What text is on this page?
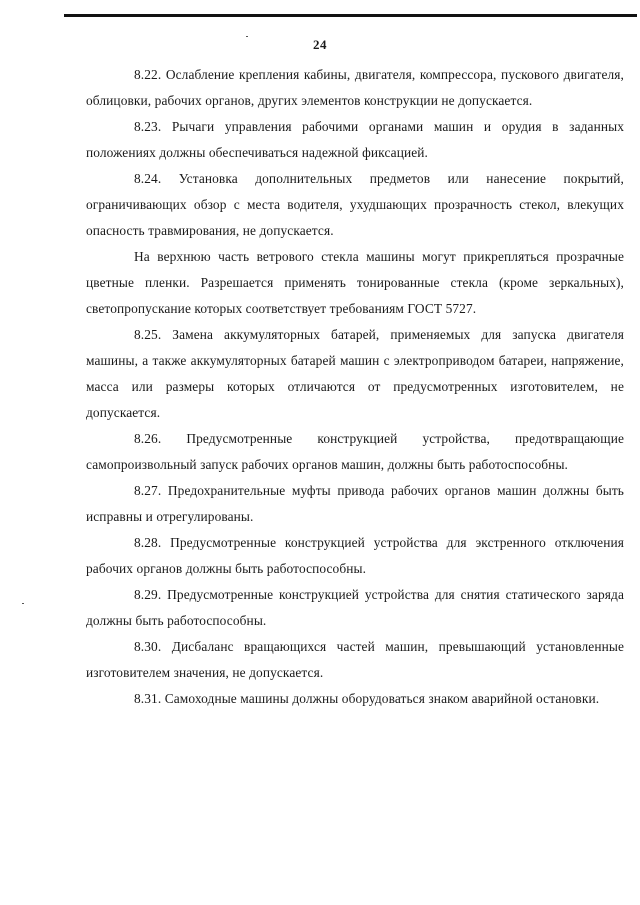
24

8.22. Ослабление крепления кабины, двигателя, компрессора, пускового двигателя, облицовки, рабочих органов, других элементов конструкции не допускается.

8.23. Рычаги управления рабочими органами машин и орудия в заданных положениях должны обеспечиваться надежной фиксацией.

8.24. Установка дополнительных предметов или нанесение покрытий, ограничивающих обзор с места водителя, ухудшающих прозрачность стекол, влекущих опасность травмирования, не допускается.

На верхнюю часть ветрового стекла машины могут прикрепляться прозрачные цветные пленки. Разрешается применять тонированные стекла (кроме зеркальных), светопропускание которых соответствует требованиям ГОСТ 5727.

8.25. Замена аккумуляторных батарей, применяемых для запуска двигателя машины, а также аккумуляторных батарей машин с электроприводом батареи, напряжение, масса или размеры которых отличаются от предусмотренных изготовителем, не допускается.

8.26. Предусмотренные конструкцией устройства, предотвращающие самопроизвольный запуск рабочих органов машин, должны быть работоспособны.

8.27. Предохранительные муфты привода рабочих органов машин должны быть исправны и отрегулированы.

8.28. Предусмотренные конструкцией устройства для экстренного отключения рабочих органов должны быть работоспособны.

8.29. Предусмотренные конструкцией устройства для снятия статического заряда должны быть работоспособны.

8.30. Дисбаланс вращающихся частей машин, превышающий установленные изготовителем значения, не допускается.

8.31. Самоходные машины должны оборудоваться знаком аварийной остановки.
